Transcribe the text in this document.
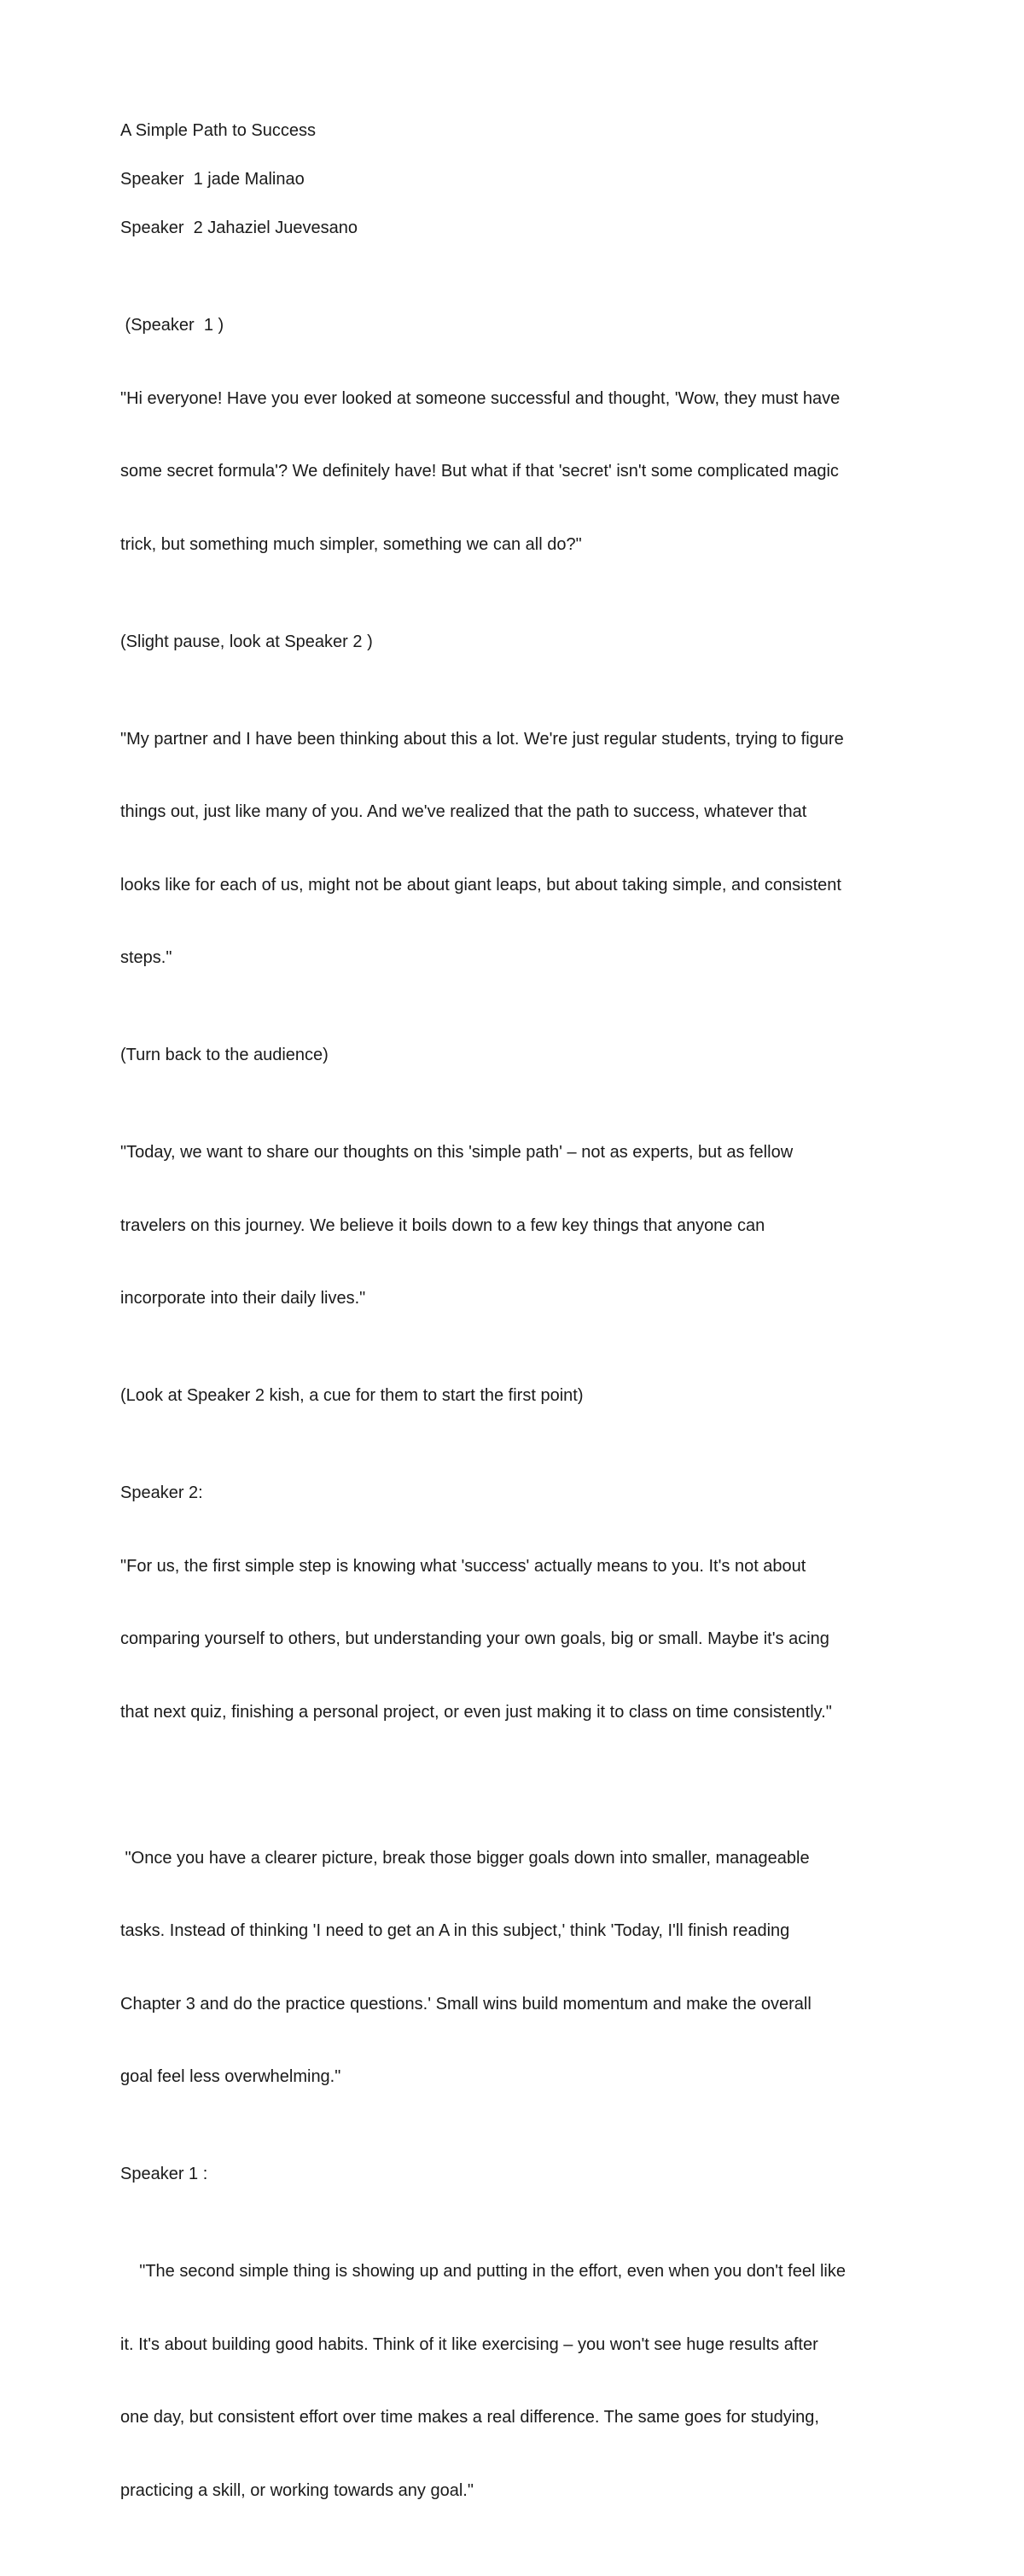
A Simple Path to Success

Speaker  1 jade Malinao

Speaker  2 Jahaziel Juevesano

(Speaker  1 )

"Hi everyone! Have you ever looked at someone successful and thought, 'Wow, they must have

some secret formula'? We definitely have! But what if that 'secret' isn't some complicated magic

trick, but something much simpler, something we can all do?"

(Slight pause, look at Speaker 2 )

"My partner and I have been thinking about this a lot. We're just regular students, trying to figure

things out, just like many of you. And we've realized that the path to success, whatever that

looks like for each of us, might not be about giant leaps, but about taking simple, and consistent

steps."

(Turn back to the audience)

"Today, we want to share our thoughts on this 'simple path' – not as experts, but as fellow

travelers on this journey. We believe it boils down to a few key things that anyone can

incorporate into their daily lives."

(Look at Speaker 2 kish, a cue for them to start the first point)

Speaker 2:

"For us, the first simple step is knowing what 'success' actually means to you. It's not about

comparing yourself to others, but understanding your own goals, big or small. Maybe it's acing

that next quiz, finishing a personal project, or even just making it to class on time consistently."

"Once you have a clearer picture, break those bigger goals down into smaller, manageable

tasks. Instead of thinking 'I need to get an A in this subject,' think 'Today, I'll finish reading

Chapter 3 and do the practice questions.' Small wins build momentum and make the overall

goal feel less overwhelming."

Speaker 1 :

"The second simple thing is showing up and putting in the effort, even when you don't feel like

it. It's about building good habits. Think of it like exercising – you won't see huge results after

one day, but consistent effort over time makes a real difference. The same goes for studying,

practicing a skill, or working towards any goal."
